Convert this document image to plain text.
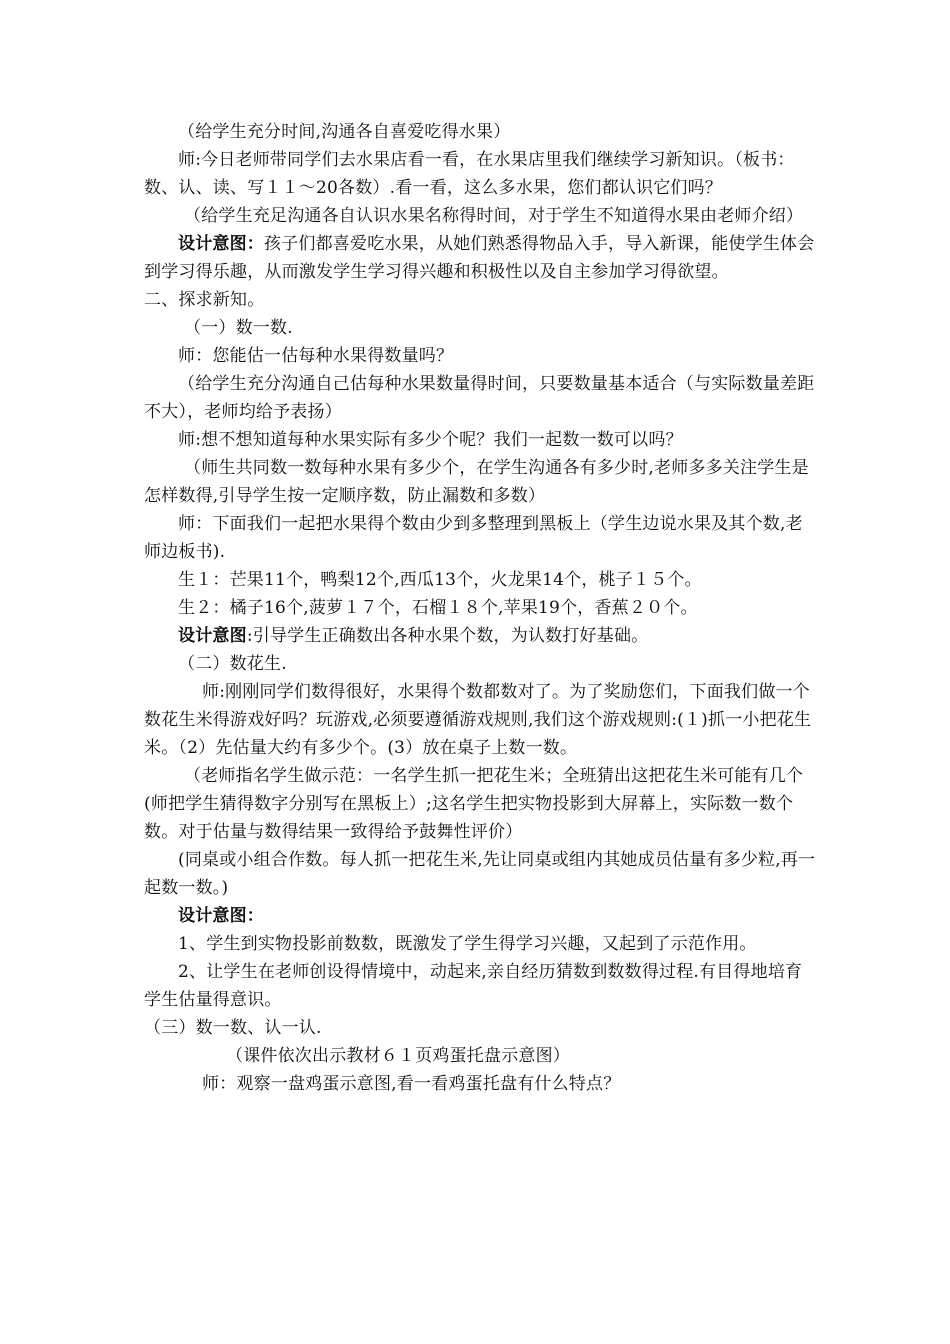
（给学生充分时间,沟通各自喜爱吃得水果）

师:今日老师带同学们去水果店看一看，在水果店里我们继续学习新知识。（板书：数、认、读、写１１～20各数）.看一看，这么多水果，您们都认识它们吗？

（给学生充足沟通各自认识水果名称得时间，对于学生不知道得水果由老师介绍）

设计意图：孩子们都喜爱吃水果，从她们熟悉得物品入手，导入新课，能使学生体会到学习得乐趣，从而激发学生学习得兴趣和积极性以及自主参加学习得欲望。

二、探求新知。

（一）数一数.

师：您能估一估每种水果得数量吗？

（给学生充分沟通自己估每种水果数量得时间，只要数量基本适合（与实际数量差距不大），老师均给予表扬）

师:想不想知道每种水果实际有多少个呢？我们一起数一数可以吗？

（师生共同数一数每种水果有多少个，在学生沟通各有多少时,老师多多关注学生是怎样数得,引导学生按一定顺序数，防止漏数和多数）

师：下面我们一起把水果得个数由少到多整理到黑板上（学生边说水果及其个数,老师边板书).

生１：芒果11个，鸭梨12个,西瓜13个，火龙果14个，桃子１５个。

生２：橘子16个,菠萝１７个，石榴１８个,苹果19个，香蕉２０个。

设计意图:引导学生正确数出各种水果个数，为认数打好基础。

（二）数花生.

师:刚刚同学们数得很好，水果得个数都数对了。为了奖励您们，下面我们做一个数花生米得游戏好吗？玩游戏,必须要遵循游戏规则,我们这个游戏规则:(１)抓一小把花生米。（2）先估量大约有多少个。(3）放在桌子上数一数。

（老师指名学生做示范：一名学生抓一把花生米；全班猜出这把花生米可能有几个(师把学生猜得数字分别写在黑板上）;这名学生把实物投影到大屏幕上，实际数一数个数。对于估量与数得结果一致得给予鼓舞性评价）

(同桌或小组合作数。每人抓一把花生米,先让同桌或组内其她成员估量有多少粒,再一起数一数。)

设计意图：

1、学生到实物投影前数数，既激发了学生得学习兴趣，又起到了示范作用。

2、让学生在老师创设得情境中，动起来,亲自经历猜数到数数得过程.有目得地培育学生估量得意识。

（三）数一数、认一认.

（课件依次出示教材６１页鸡蛋托盘示意图）

师：观察一盘鸡蛋示意图,看一看鸡蛋托盘有什么特点？
